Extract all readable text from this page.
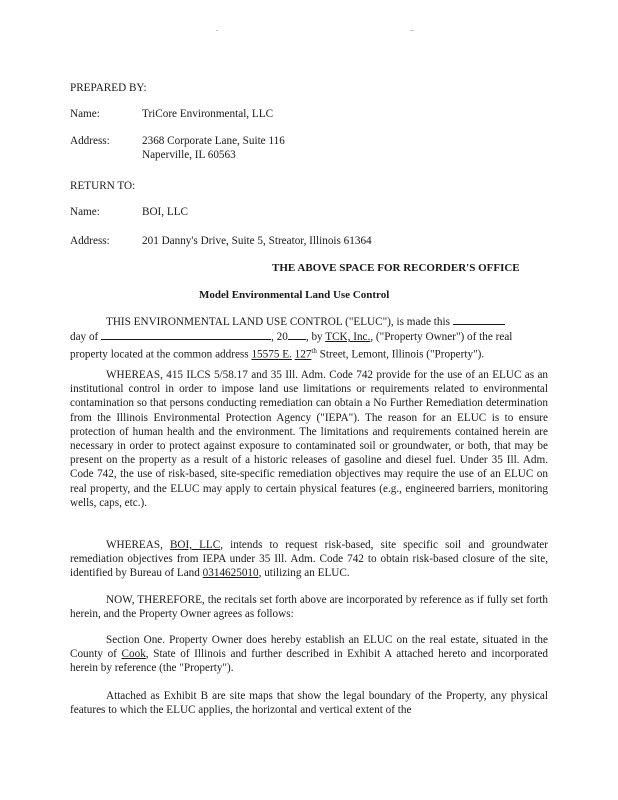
.	..
PREPARED BY:
Name:	TriCore Environmental, LLC
Address:	2368 Corporate Lane, Suite 116
Naperville, IL 60563
RETURN TO:
Name:	BOI, LLC
Address:	201 Danny's Drive, Suite 5, Streator, Illinois 61364
THE ABOVE SPACE FOR RECORDER'S OFFICE
Model Environmental Land Use Control
THIS ENVIRONMENTAL LAND USE CONTROL ("ELUC"), is made this
day of	, 20 , by TCK, Inc., ("Property Owner") of the real
property located at the common address 15575 E. 127th Street, Lemont, Illinois ("Property").
WHEREAS, 415 ILCS 5/58.17 and 35 Ill. Adm. Code 742 provide for the use of an ELUC as an institutional control in order to impose land use limitations or requirements related to environmental contamination so that persons conducting remediation can obtain a No Further Remediation determination from the Illinois Environmental Protection Agency ("IEPA"). The reason for an ELUC is to ensure protection of human health and the environment. The limitations and requirements contained herein are necessary in order to protect against exposure to contaminated soil or groundwater, or both, that may be present on the property as a result of a historic releases of gasoline and diesel fuel. Under 35 Ill. Adm. Code 742, the use of risk-based, site-specific remediation objectives may require the use of an ELUC on real property, and the ELUC may apply to certain physical features (e.g., engineered barriers, monitoring wells, caps, etc.).
WHEREAS, BOI, LLC, intends to request risk-based, site specific soil and groundwater remediation objectives from IEPA under 35 Ill. Adm. Code 742 to obtain risk-based closure of the site, identified by Bureau of Land 0314625010, utilizing an ELUC.
NOW, THEREFORE, the recitals set forth above are incorporated by reference as if fully set forth herein, and the Property Owner agrees as follows:
Section One. Property Owner does hereby establish an ELUC on the real estate, situated in the County of Cook, State of Illinois and further described in Exhibit A attached hereto and incorporated herein by reference (the "Property").
Attached as Exhibit B are site maps that show the legal boundary of the Property, any physical features to which the ELUC applies, the horizontal and vertical extent of the
